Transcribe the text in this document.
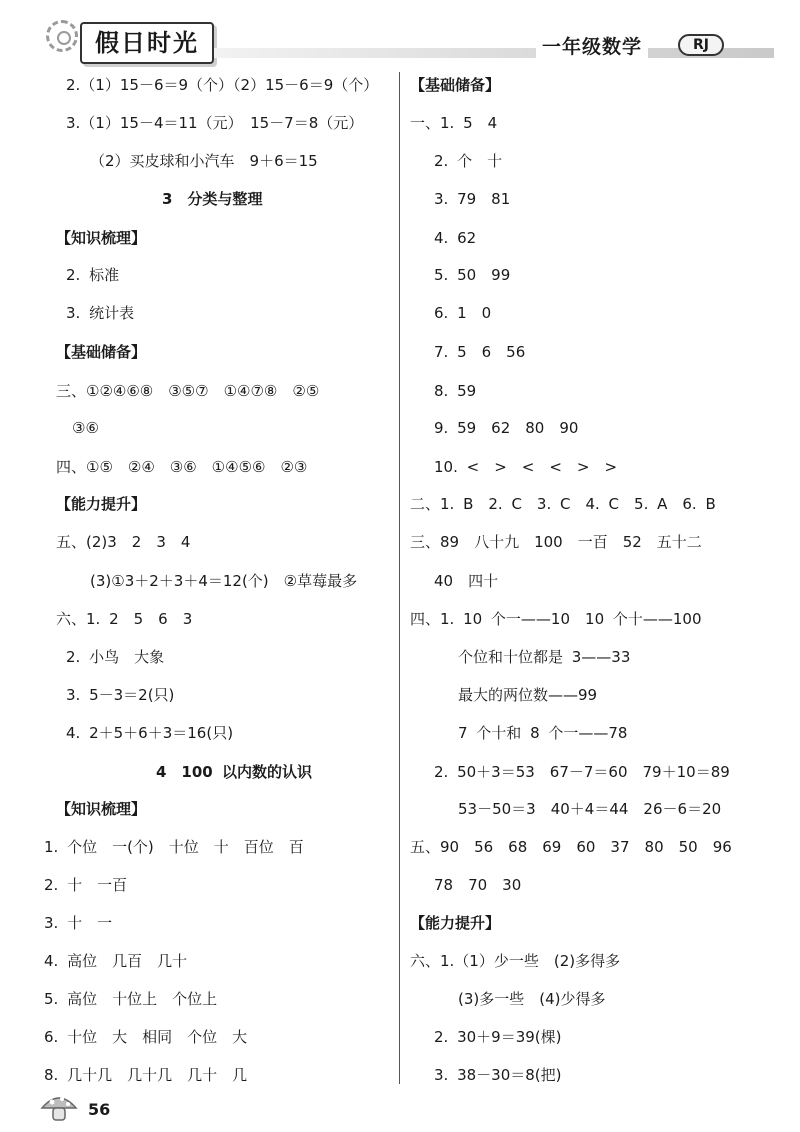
假日时光	一年级数学	RJ
2.（1）15－6＝9（个）（2）15－6＝9（个）
3.（1）15－4＝11（元）　15－7＝8（元）
（2）买皮球和小汽车　9＋6＝15
3　分类与整理
【知识梳理】
2. 标准
3. 统计表
【基础储备】
三、①②④⑥⑧　③⑤⑦　①④⑦⑧　②⑤
③⑥
四、①⑤　②④　③⑥　①④⑤⑥　②③
【能力提升】
五、(2)3　2　3　4
(3)①3＋2＋3＋4＝12(个)　②草莓最多
六、1. 2　5　6　3
2. 小鸟　大象
3. 5－3＝2(只)
4. 2＋5＋6＋3＝16(只)
4　100 以内数的认识
【知识梳理】
1. 个位　一(个)　十位　十　百位　百
2. 十　一百
3. 十　一
4. 高位　几百　几十
5. 高位　十位上　个位上
6. 十位　大　相同　个位　大
8. 几十几　几十几　几十　几
【基础储备】
一、1. 5　4
2. 个　十
3. 79　81
4. 62
5. 50　99
6. 1　0
7. 5　6　56
8. 59
9. 59　62　80　90
10. <　>　<　<　>　>
二、1. B　2. C　3. C　4. C　5. A　6. B
三、89　八十九　100　一百　52　五十二
40　四十
四、1. 10 个一——10　10 个十——100
个位和十位都是 3——33
最大的两位数——99
7 个十和 8 个一——78
2. 50＋3＝53　67－7＝60　79＋10＝89
53－50＝3　40＋4＝44　26－6＝20
五、90　56　68　69　60　37　80　50　96
78　70　30
【能力提升】
六、1.（1）少一些　(2)多得多
(3)多一些　(4)少得多
2. 30＋9＝39(棵)
3. 38－30＝8(把)
56
